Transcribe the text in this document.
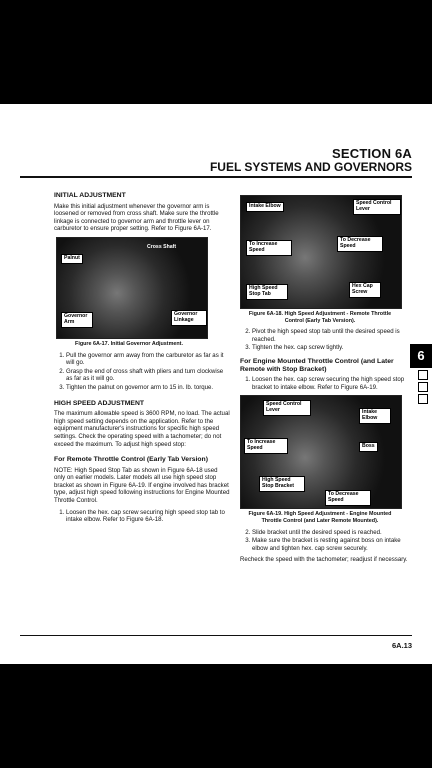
SECTION 6A
FUEL SYSTEMS AND GOVERNORS
INITIAL ADJUSTMENT

Make this initial adjustment whenever the governor arm is loosened or removed from cross shaft. Make sure the throttle linkage is connected to governor arm and throttle lever on carburetor to ensure proper setting. Refer to Figure 6A-17.

Cross Shaft
Palnut
Governor Arm
Governor Linkage
Figure 6A-17. Initial Governor Adjustment.
1. Pull the governor arm away from the carburetor as far as it will go.
2. Grasp the end of cross shaft with pliers and turn clockwise as far as it will go.
3. Tighten the palnut on governor arm to 15 in. lb. torque.
HIGH SPEED ADJUSTMENT

The maximum allowable speed is 3600 RPM, no load. The actual high speed setting depends on the application. Refer to the equipment manufacturer's instructions for specific high speed settings. Check the operating speed with a tachometer; do not exceed the maximum. To adjust high speed stop:

For Remote Throttle Control (Early Tab Version)

NOTE: High Speed Stop Tab as shown in Figure 6A-18 used only on earlier models. Later models all use high speed stop bracket as shown in Figure 6A-19. If engine involved has bracket type, adjust high speed following instructions for Engine Mounted Throttle Control.

1. Loosen the hex. cap screw securing high speed stop tab to intake elbow. Refer to Figure 6A-18.
Intake Elbow	Speed Control Lever
To Increase Speed
To Decrease Speed
High Speed Stop Tab
Hex Cap Screw
Figure 6A-18. High Speed Adjustment - Remote Throttle Control (Early Tab Version).
2. Pivot the high speed stop tab until the desired speed is reached.
3. Tighten the hex. cap screw tightly.
For Engine Mounted Throttle Control (and Later Remote with Stop Bracket)
1. Loosen the hex. cap screw securing the high speed stop bracket to intake elbow. Refer to Figure 6A-19.
Speed Control Lever	Intake Elbow
To Increase Speed	Boss
High Speed Stop Bracket
To Decrease Speed
Figure 6A-19. High Speed Adjustment - Engine Mounted Throttle Control (and Later Remote Mounted).
2. Slide bracket until the desired speed is reached.
3. Make sure the bracket is resting against boss on intake elbow and tighten hex. cap screw securely.

Recheck the speed with the tachometer; readjust if necessary.

6
6A.13
